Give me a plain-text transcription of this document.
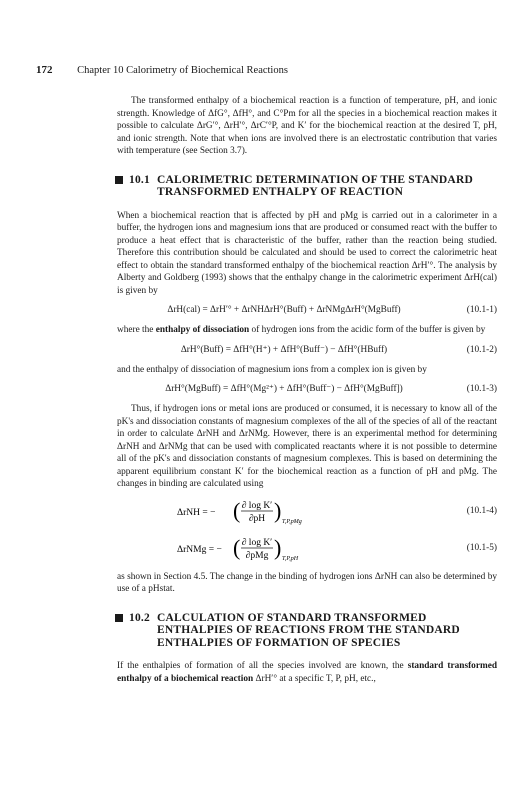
172 Chapter 10 Calorimetry of Biochemical Reactions

The transformed enthalpy of a biochemical reaction is a function of temperature, pH, and ionic strength. Knowledge of ΔfG°, ΔfH°, and C°Pm for all the species in a biochemical reaction makes it possible to calculate ΔrG′°, ΔrH′°, ΔrC′°P, and K′ for the biochemical reaction at the desired T, pH, and ionic strength. Note that when ions are involved there is an electrostatic contribution that varies with temperature (see Section 3.7).

10.1 CALORIMETRIC DETERMINATION OF THE STANDARD TRANSFORMED ENTHALPY OF REACTION

When a biochemical reaction that is affected by pH and pMg is carried out in a calorimeter in a buffer, the hydrogen ions and magnesium ions that are produced or consumed react with the buffer to produce a heat effect that is characteristic of the buffer, rather than the reaction being studied. Therefore this contribution should be calculated and should be used to correct the calorimetric heat effect to obtain the standard transformed enthalpy of the biochemical reaction ΔrH′°. The analysis by Alberty and Goldberg (1993) shows that the enthalpy change in the calorimetric experiment ΔrH(cal) is given by

ΔrH(cal) = ΔrH′° + ΔrNHΔrH°(Buff) + ΔrNMgΔrH°(MgBuff)	(10.1-1)

where the enthalpy of dissociation of hydrogen ions from the acidic form of the buffer is given by

ΔrH°(Buff) = ΔfH°(H⁺) + ΔfH°(Buff⁻) − ΔfH°(HBuff)	(10.1-2)

and the enthalpy of dissociation of magnesium ions from a complex ion is given by

ΔrH°(MgBuff) = ΔfH°(Mg²⁺) + ΔfH°(Buff⁻) − ΔfH°(MgBuff])	(10.1-3)

Thus, if hydrogen ions or metal ions are produced or consumed, it is necessary to know all of the pK's and dissociation constants of magnesium complexes of the all of the species of all of the reactant in order to calculate ΔrNH and ΔrNMg. However, there is an experimental method for determining ΔrNH and ΔrNMg that can be used with complicated reactants where it is not possible to determine all of the pK's and dissociation constants of magnesium complexes. This is based on determining the apparent equilibrium constant K′ for the biochemical reaction as a function of pH and pMg. The changes in binding are calculated using

ΔrNH = − ( ∂ log K′
∂pH ) T,P,pMg
(10.1-4)
ΔrNMg = − ( ∂ log K′
∂pMg ) T,P,pH
(10.1-5)

as shown in Section 4.5. The change in the binding of hydrogen ions ΔrNH can also be determined by use of a pHstat.

10.2 CALCULATION OF STANDARD TRANSFORMED ENTHALPIES OF REACTIONS FROM THE STANDARD ENTHALPIES OF FORMATION OF SPECIES

If the enthalpies of formation of all the species involved are known, the standard transformed enthalpy of a biochemical reaction ΔrH′° at a specific T, P, pH, etc.,
